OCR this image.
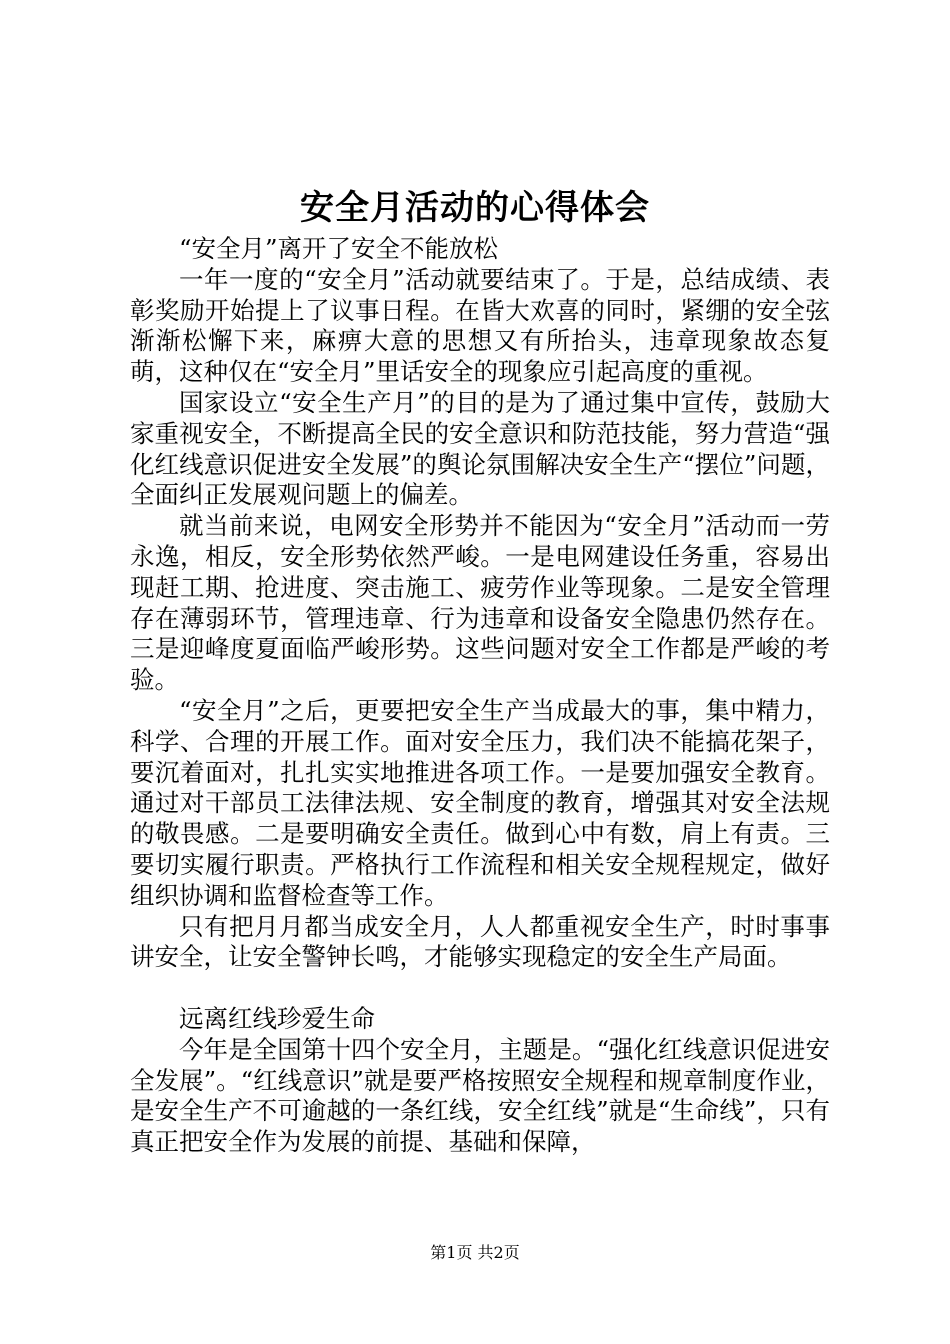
安全月活动的心得体会

“安全月”离开了安全不能放松

一年一度的“安全月”活动就要结束了。于是，总结成绩、表彰奖励开始提上了议事日程。在皆大欢喜的同时，紧绷的安全弦渐渐松懈下来，麻痹大意的思想又有所抬头，违章现象故态复萌，这种仅在“安全月”里话安全的现象应引起高度的重视。

国家设立“安全生产月”的目的是为了通过集中宣传，鼓励大家重视安全，不断提高全民的安全意识和防范技能，努力营造“强化红线意识促进安全发展”的舆论氛围解决安全生产“摆位”问题，全面纠正发展观问题上的偏差。

就当前来说，电网安全形势并不能因为“安全月”活动而一劳永逸，相反，安全形势依然严峻。一是电网建设任务重，容易出现赶工期、抢进度、突击施工、疲劳作业等现象。二是安全管理存在薄弱环节，管理违章、行为违章和设备安全隐患仍然存在。三是迎峰度夏面临严峻形势。这些问题对安全工作都是严峻的考验。

“安全月”之后，更要把安全生产当成最大的事，集中精力，科学、合理的开展工作。面对安全压力，我们决不能搞花架子，要沉着面对，扎扎实实地推进各项工作。一是要加强安全教育。通过对干部员工法律法规、安全制度的教育，增强其对安全法规的敬畏感。二是要明确安全责任。做到心中有数，肩上有责。三要切实履行职责。严格执行工作流程和相关安全规程规定，做好组织协调和监督检查等工作。

只有把月月都当成安全月，人人都重视安全生产，时时事事讲安全，让安全警钟长鸣，才能够实现稳定的安全生产局面。

远离红线珍爱生命

今年是全国第十四个安全月，主题是。“强化红线意识促进安全发展”。“红线意识”就是要严格按照安全规程和规章制度作业，是安全生产不可逾越的一条红线，安全红线”就是“生命线”，只有真正把安全作为发展的前提、基础和保障，

第1页 共2页
